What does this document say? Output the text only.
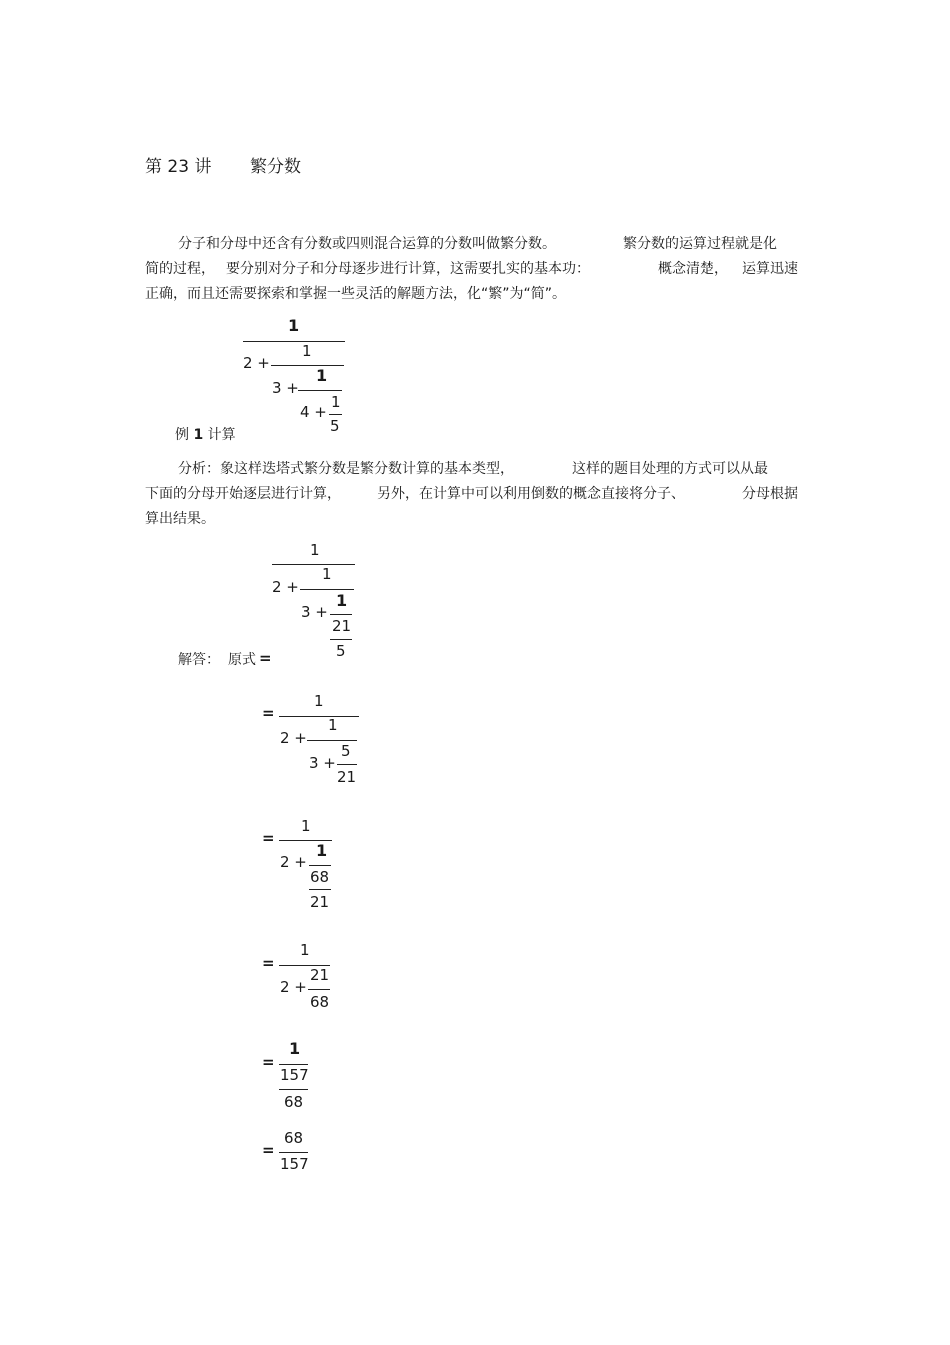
第 23 讲 繁分数
分子和分母中还含有分数或四则混合运算的分数叫做繁分数。	繁分数的运算过程就是化
简的过程， 要分别对分子和分母逐步进行计算，这需要扎实的基本功：	概念清楚， 运算迅速
正确，而且还需要探索和掌握一些灵活的解题方法，化“繁”为“简”。
1
2 +
1
3 +
1
4 +
1
5
例 1 计算
分析：象这样迭塔式繁分数是繁分数计算的基本类型，	这样的题目处理的方式可以从最
下面的分母开始逐层进行计算，	另外，在计算中可以利用倒数的概念直接将分子、	分母根据
算出结果。
1
2 +
1
3 +
1
21
5
解答： 原式 =
=
1
2 +
1
3 +
5
21
=
1
2 +
1
68
21
=
1
2 +
21
68
=
1
157
68
=
68
157
